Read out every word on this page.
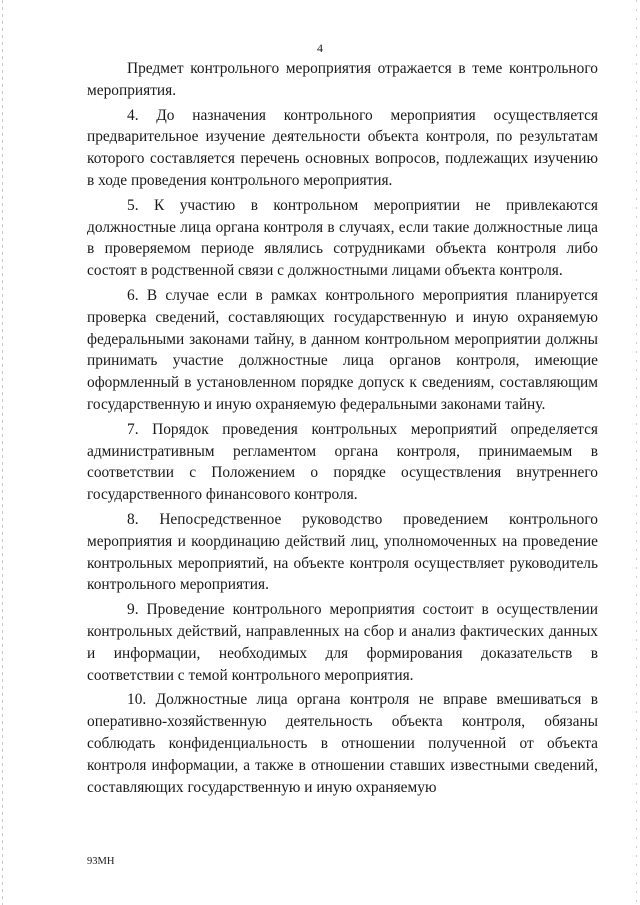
4

Предмет контрольного мероприятия отражается в теме контрольного мероприятия.

4. До назначения контрольного мероприятия осуществляется предварительное изучение деятельности объекта контроля, по результатам которого составляется перечень основных вопросов, подлежащих изучению в ходе проведения контрольного мероприятия.

5. К участию в контрольном мероприятии не привлекаются должностные лица органа контроля в случаях, если такие должностные лица в проверяемом периоде являлись сотрудниками объекта контроля либо состоят в родственной связи с должностными лицами объекта контроля.

6. В случае если в рамках контрольного мероприятия планируется проверка сведений, составляющих государственную и иную охраняемую федеральными законами тайну, в данном контрольном мероприятии должны принимать участие должностные лица органов контроля, имеющие оформленный в установленном порядке допуск к сведениям, составляющим государственную и иную охраняемую федеральными законами тайну.

7. Порядок проведения контрольных мероприятий определяется административным регламентом органа контроля, принимаемым в соответствии с Положением о порядке осуществления внутреннего государственного финансового контроля.

8. Непосредственное руководство проведением контрольного мероприятия и координацию действий лиц, уполномоченных на проведение контрольных мероприятий, на объекте контроля осуществляет руководитель контрольного мероприятия.

9. Проведение контрольного мероприятия состоит в осуществлении контрольных действий, направленных на сбор и анализ фактических данных и информации, необходимых для формирования доказательств в соответствии с темой контрольного мероприятия.

10. Должностные лица органа контроля не вправе вмешиваться в оперативно-хозяйственную деятельность объекта контроля, обязаны соблюдать конфиденциальность в отношении полученной от объекта контроля информации, а также в отношении ставших известными сведений, составляющих государственную и иную охраняемую

93МН
